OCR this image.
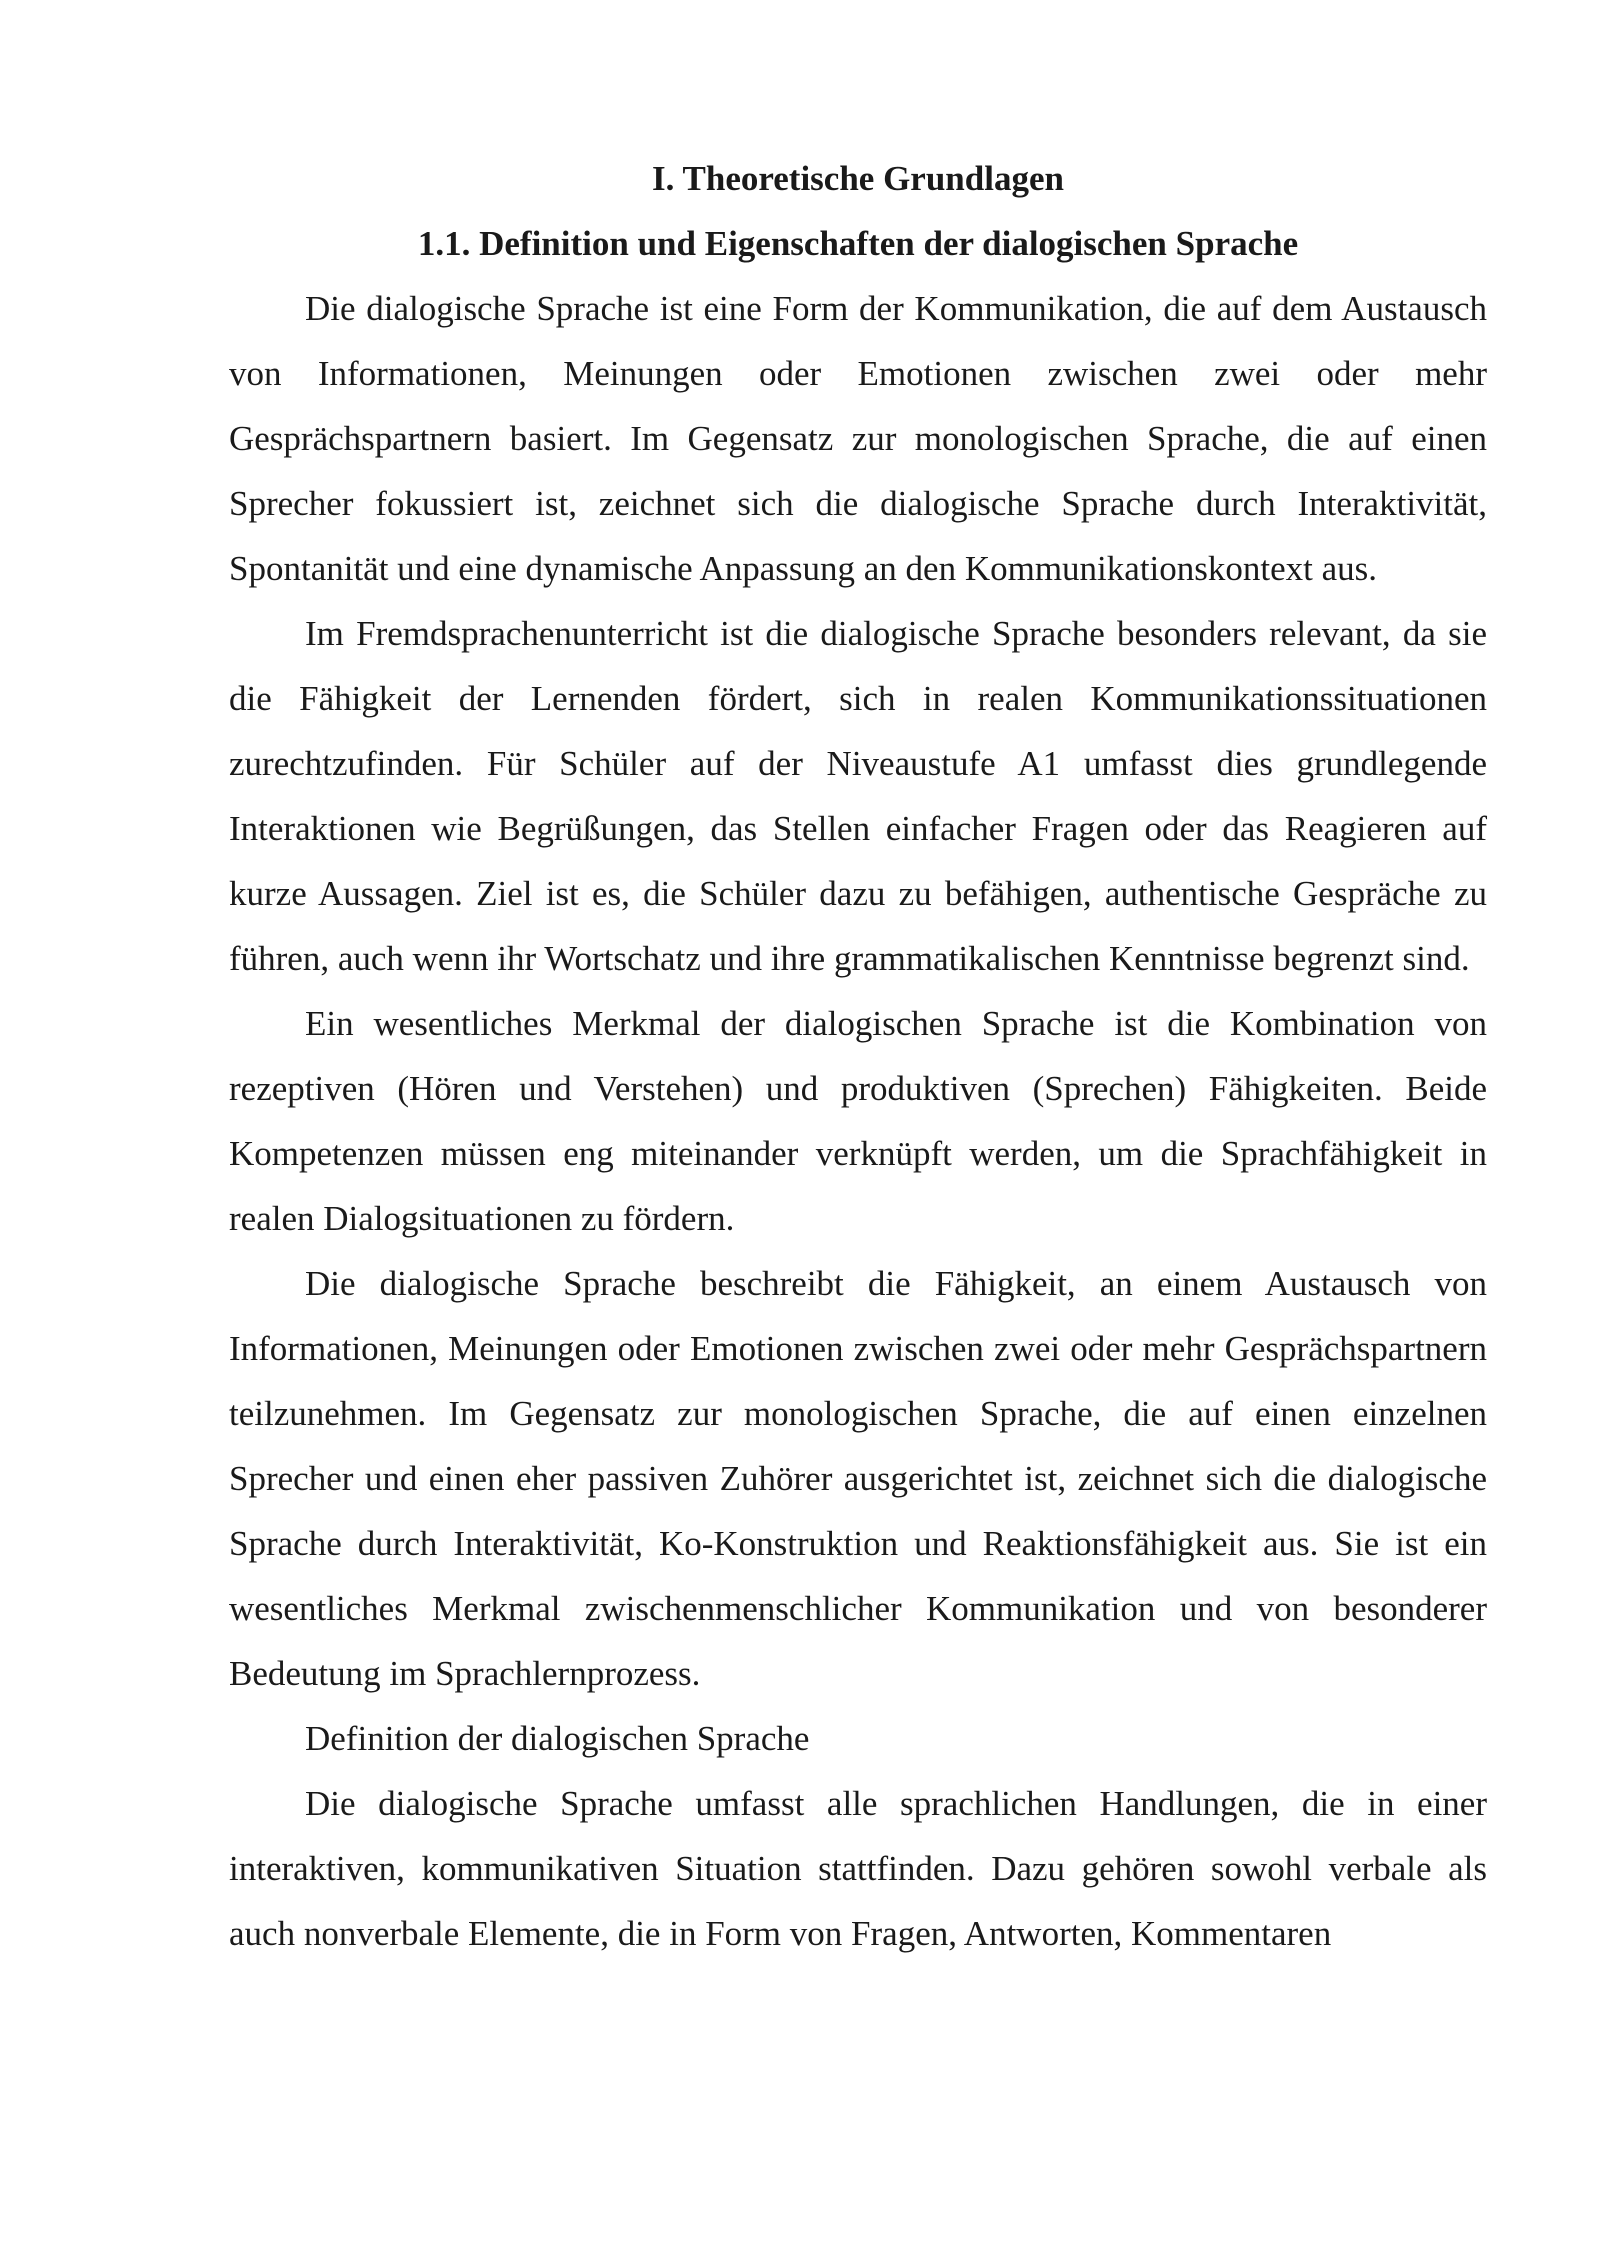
I. Theoretische Grundlagen
1.1. Definition und Eigenschaften der dialogischen Sprache

Die dialogische Sprache ist eine Form der Kommunikation, die auf dem Austausch von Informationen, Meinungen oder Emotionen zwischen zwei oder mehr Gesprächspartnern basiert. Im Gegensatz zur monologischen Sprache, die auf einen Sprecher fokussiert ist, zeichnet sich die dialogische Sprache durch Interaktivität, Spontanität und eine dynamische Anpassung an den Kommunikationskontext aus.

Im Fremdsprachenunterricht ist die dialogische Sprache besonders relevant, da sie die Fähigkeit der Lernenden fördert, sich in realen Kommunikationssituationen zurechtzufinden. Für Schüler auf der Niveaustufe A1 umfasst dies grundlegende Interaktionen wie Begrüßungen, das Stellen einfacher Fragen oder das Reagieren auf kurze Aussagen. Ziel ist es, die Schüler dazu zu befähigen, authentische Gespräche zu führen, auch wenn ihr Wortschatz und ihre grammatikalischen Kenntnisse begrenzt sind.

Ein wesentliches Merkmal der dialogischen Sprache ist die Kombination von rezeptiven (Hören und Verstehen) und produktiven (Sprechen) Fähigkeiten. Beide Kompetenzen müssen eng miteinander verknüpft werden, um die Sprachfähigkeit in realen Dialogsituationen zu fördern.

Die dialogische Sprache beschreibt die Fähigkeit, an einem Austausch von Informationen, Meinungen oder Emotionen zwischen zwei oder mehr Gesprächspartnern teilzunehmen. Im Gegensatz zur monologischen Sprache, die auf einen einzelnen Sprecher und einen eher passiven Zuhörer ausgerichtet ist, zeichnet sich die dialogische Sprache durch Interaktivität, Ko-Konstruktion und Reaktionsfähigkeit aus. Sie ist ein wesentliches Merkmal zwischenmenschlicher Kommunikation und von besonderer Bedeutung im Sprachlernprozess.

Definition der dialogischen Sprache

Die dialogische Sprache umfasst alle sprachlichen Handlungen, die in einer interaktiven, kommunikativen Situation stattfinden. Dazu gehören sowohl verbale als auch nonverbale Elemente, die in Form von Fragen, Antworten, Kommentaren
